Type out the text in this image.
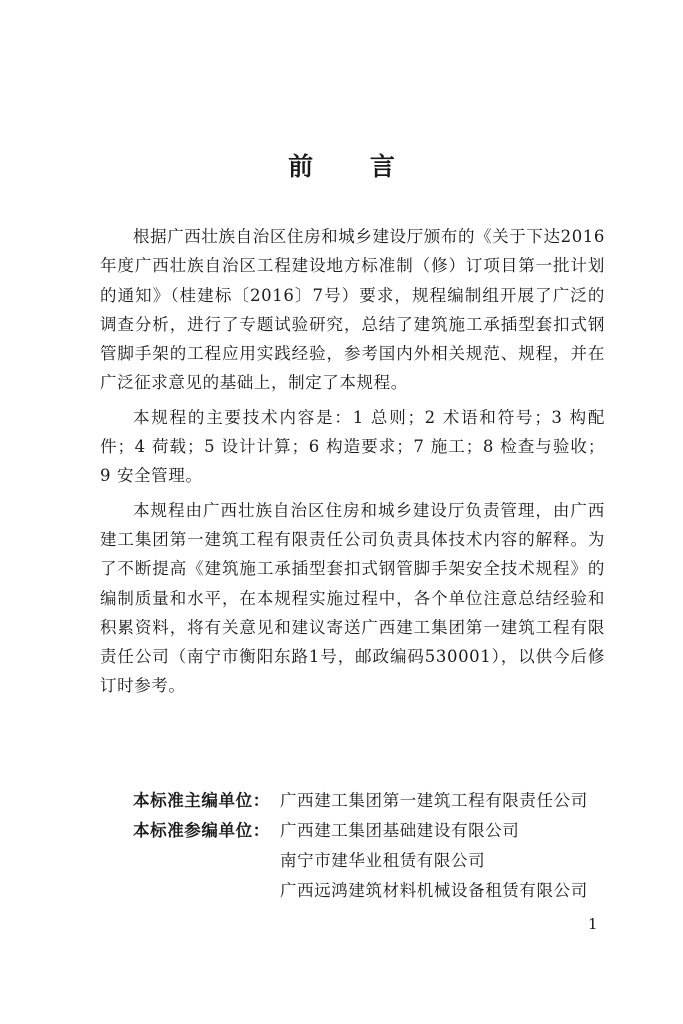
前 言

根据广西壮族自治区住房和城乡建设厅颁布的《关于下达2016年度广西壮族自治区工程建设地方标准制（修）订项目第一批计划的通知》（桂建标〔2016〕7号）要求，规程编制组开展了广泛的调查分析，进行了专题试验研究，总结了建筑施工承插型套扣式钢管脚手架的工程应用实践经验，参考国内外相关规范、规程，并在广泛征求意见的基础上，制定了本规程。

本规程的主要技术内容是：1 总则；2 术语和符号；3 构配件；4 荷载；5 设计计算；6 构造要求；7 施工；8 检查与验收；9 安全管理。

本规程由广西壮族自治区住房和城乡建设厅负责管理，由广西建工集团第一建筑工程有限责任公司负责具体技术内容的解释。为了不断提高《建筑施工承插型套扣式钢管脚手架安全技术规程》的编制质量和水平，在本规程实施过程中，各个单位注意总结经验和积累资料，将有关意见和建议寄送广西建工集团第一建筑工程有限责任公司（南宁市衡阳东路1号，邮政编码530001），以供今后修订时参考。

本标准主编单位： 广西建工集团第一建筑工程有限责任公司
本标准参编单位： 广西建工集团基础建设有限公司
南宁市建华业租赁有限公司
广西远鸿建筑材料机械设备租赁有限公司
1
